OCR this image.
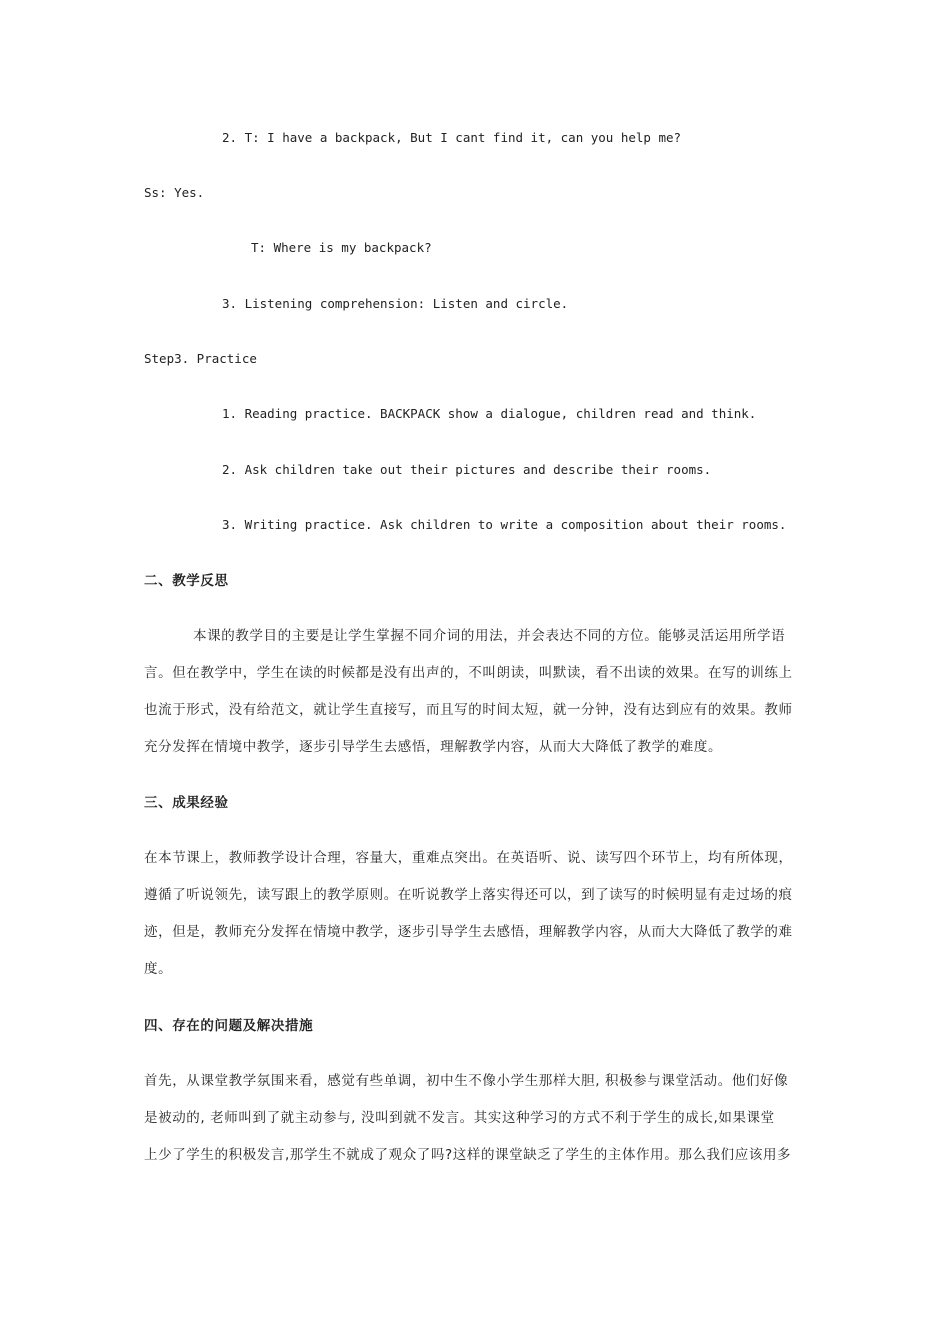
2. T: I have a backpack, But I cant find it, can you help me?
Ss: Yes.
T: Where is my backpack?
3. Listening comprehension: Listen and circle.
Step3. Practice
1. Reading practice. BACKPACK show a dialogue, children read and think.
2. Ask children take out their pictures and describe their rooms.
3. Writing practice. Ask children to write a composition about their rooms.
二、教学反思
本课的教学目的主要是让学生掌握不同介词的用法，并会表达不同的方位。能够灵活运用所学语
言。但在教学中，学生在读的时候都是没有出声的，不叫朗读，叫默读，看不出读的效果。在写的训练上
也流于形式，没有给范文，就让学生直接写，而且写的时间太短，就一分钟，没有达到应有的效果。教师
充分发挥在情境中教学，逐步引导学生去感悟，理解教学内容，从而大大降低了教学的难度。
三、成果经验
在本节课上，教师教学设计合理，容量大，重难点突出。在英语听、说、读写四个环节上，均有所体现，
遵循了听说领先，读写跟上的教学原则。在听说教学上落实得还可以，到了读写的时候明显有走过场的痕
迹，但是，教师充分发挥在情境中教学，逐步引导学生去感悟，理解教学内容，从而大大降低了教学的难
度。
四、存在的问题及解决措施
首先，从课堂教学氛围来看，感觉有些单调，初中生不像小学生那样大胆, 积极参与课堂活动。他们好像
是被动的, 老师叫到了就主动参与, 没叫到就不发言。其实这种学习的方式不利于学生的成长,如果课堂
上少了学生的积极发言,那学生不就成了观众了吗?这样的课堂缺乏了学生的主体作用。那么我们应该用多
